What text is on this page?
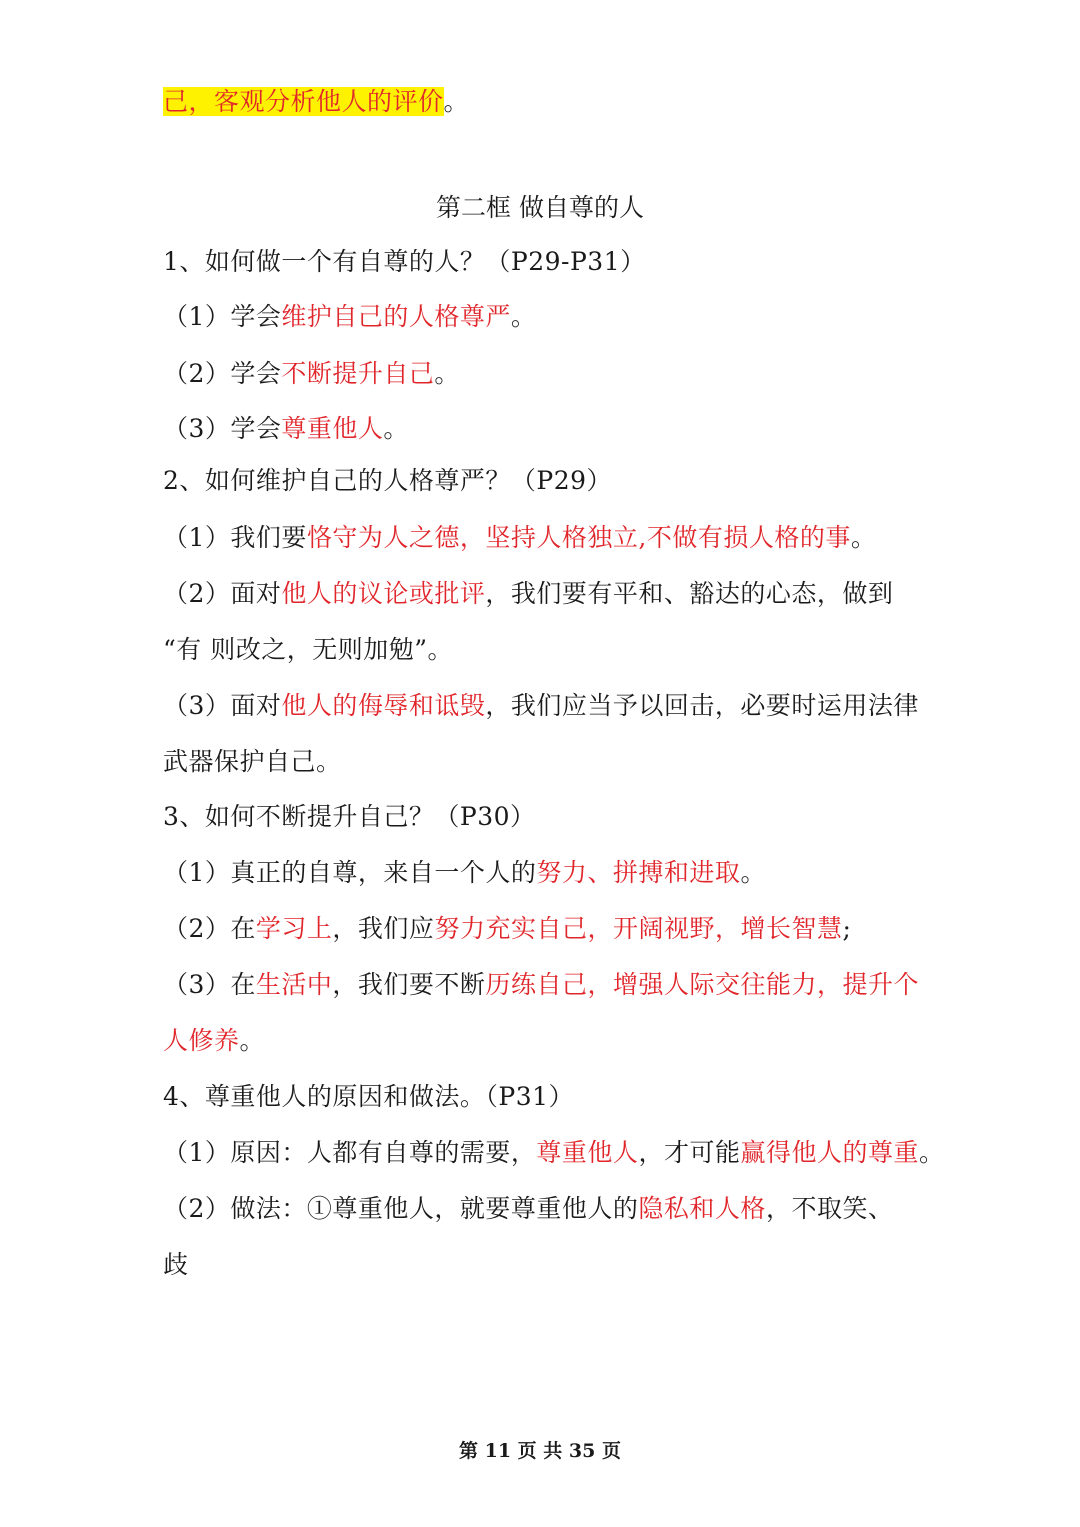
己，客观分析他人的评价。
第二框 做自尊的人
1、如何做一个有自尊的人？（P29-P31）
（1）学会维护自己的人格尊严。
（2）学会不断提升自己。
（3）学会尊重他人。
2、如何维护自己的人格尊严？（P29）
（1）我们要恪守为人之德，坚持人格独立,不做有损人格的事。
（2）面对他人的议论或批评，我们要有平和、豁达的心态，做到
“有 则改之，无则加勉”。
（3）面对他人的侮辱和诋毁，我们应当予以回击，必要时运用法律
武器保护自己。
3、如何不断提升自己？（P30）
（1）真正的自尊，来自一个人的努力、拼搏和进取。
（2）在学习上，我们应努力充实自己，开阔视野，增长智慧;
（3）在生活中，我们要不断历练自己，增强人际交往能力，提升个
人修养。
4、尊重他人的原因和做法。（P31）
（1）原因：人都有自尊的需要，尊重他人，才可能赢得他人的尊重。
（2）做法：①尊重他人，就要尊重他人的隐私和人格，不取笑、
歧
第 11 页 共 35 页
